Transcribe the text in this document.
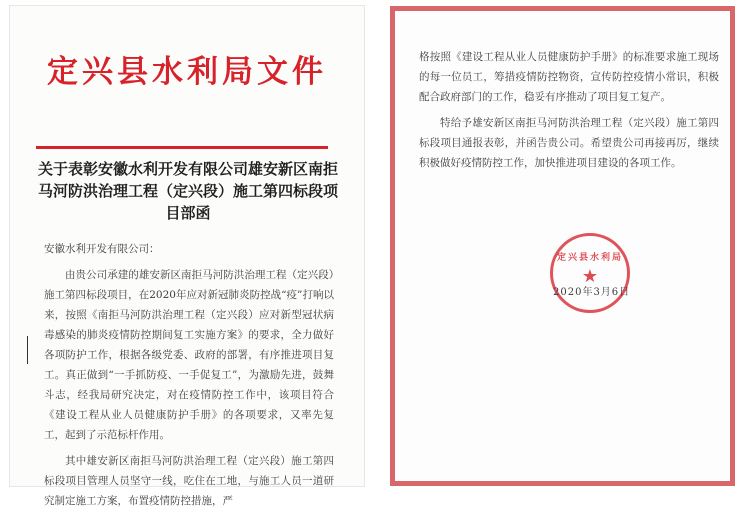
定兴县水利局文件
关于表彰安徽水利开发有限公司雄安新区南拒马河防洪治理工程（定兴段）施工第四标段项目部函

安徽水利开发有限公司：

由贵公司承建的雄安新区南拒马河防洪治理工程（定兴段）施工第四标段项目，在2020年应对新冠肺炎防控战“疫”打响以来，按照《南拒马河防洪治理工程（定兴段）应对新型冠状病毒感染的肺炎疫情防控期间复工实施方案》的要求，全力做好各项防护工作，根据各级党委、政府的部署，有序推进项目复工。真正做到“一手抓防疫、一手促复工”，为激励先进，鼓舞斗志，经我局研究决定，对在疫情防控工作中，该项目符合《建设工程从业人员健康防护手册》的各项要求，又率先复工，起到了示范标杆作用。

其中雄安新区南拒马河防洪治理工程（定兴段）施工第四标段项目管理人员坚守一线，吃住在工地，与施工人员一道研究制定施工方案，布置疫情防控措施，严

格按照《建设工程从业人员健康防护手册》的标准要求施工现场的每一位员工，筹措疫情防控物资，宣传防控疫情小常识，积极配合政府部门的工作，稳妥有序推动了项目复工复产。

特给予雄安新区南拒马河防洪治理工程（定兴段）施工第四标段项目通报表彰，并函告贵公司。希望贵公司再接再厉，继续积极做好疫情防控工作，加快推进项目建设的各项工作。

定兴县水利局
★
2020年3月6日
